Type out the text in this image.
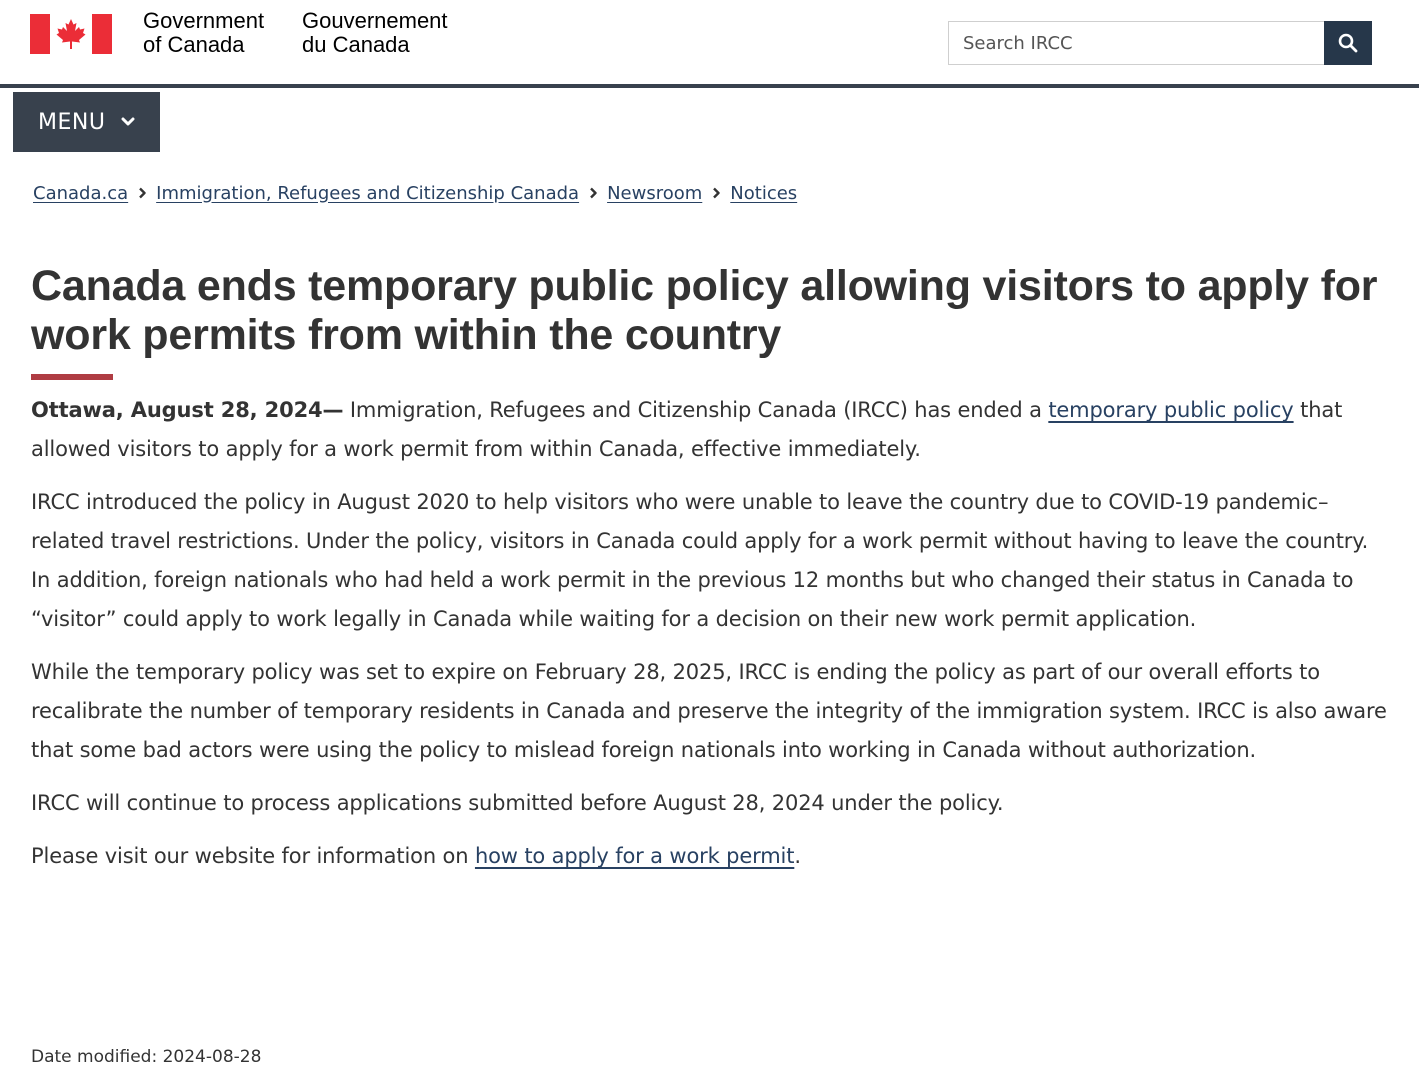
Government
of Canada
Gouvernement
du Canada
Search IRCC
MENU
Canada.ca Immigration, Refugees and Citizenship Canada Newsroom Notices
Canada ends temporary public policy allowing visitors to apply for work permits from within the country

Ottawa, August 28, 2024— Immigration, Refugees and Citizenship Canada (IRCC) has ended a temporary public policy that allowed visitors to apply for a work permit from within Canada, effective immediately.

IRCC introduced the policy in August 2020 to help visitors who were unable to leave the country due to COVID-19 pandemic–related travel restrictions. Under the policy, visitors in Canada could apply for a work permit without having to leave the country. In addition, foreign nationals who had held a work permit in the previous 12 months but who changed their status in Canada to “visitor” could apply to work legally in Canada while waiting for a decision on their new work permit application.

While the temporary policy was set to expire on February 28, 2025, IRCC is ending the policy as part of our overall efforts to recalibrate the number of temporary residents in Canada and preserve the integrity of the immigration system. IRCC is also aware that some bad actors were using the policy to mislead foreign nationals into working in Canada without authorization.

IRCC will continue to process applications submitted before August 28, 2024 under the policy.

Please visit our website for information on how to apply for a work permit.

Date modified: 2024-08-28
